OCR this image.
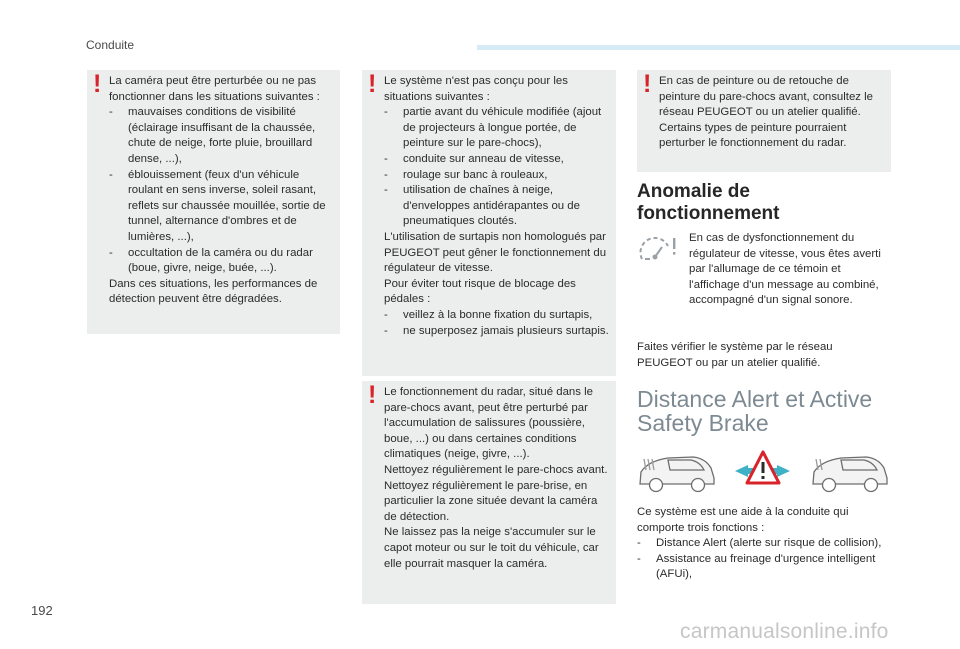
Conduite
! La caméra peut être perturbée ou ne pas fonctionner dans les situations suivantes :

- mauvaises conditions de visibilité (éclairage insuffisant de la chaussée, chute de neige, forte pluie, brouillard dense, ...),

- éblouissement (feux d'un véhicule roulant en sens inverse, soleil rasant, reflets sur chaussée mouillée, sortie de tunnel, alternance d'ombres et de lumières, ...),

- occultation de la caméra ou du radar (boue, givre, neige, buée, ...).

Dans ces situations, les performances de détection peuvent être dégradées.

! Le système n'est pas conçu pour les situations suivantes :

- partie avant du véhicule modifiée (ajout de projecteurs à longue portée, de peinture sur le pare-chocs),

- conduite sur anneau de vitesse,

- roulage sur banc à rouleaux,

- utilisation de chaînes à neige, d'enveloppes antidérapantes ou de pneumatiques cloutés.

L'utilisation de surtapis non homologués par PEUGEOT peut gêner le fonctionnement du régulateur de vitesse.

Pour éviter tout risque de blocage des pédales :

- veillez à la bonne fixation du surtapis,

- ne superposez jamais plusieurs surtapis.

! Le fonctionnement du radar, situé dans le pare-chocs avant, peut être perturbé par l'accumulation de salissures (poussière, boue, ...) ou dans certaines conditions climatiques (neige, givre, ...).

Nettoyez régulièrement le pare-chocs avant.

Nettoyez régulièrement le pare-brise, en particulier la zone située devant la caméra de détection.

Ne laissez pas la neige s'accumuler sur le capot moteur ou sur le toit du véhicule, car elle pourrait masquer la caméra.

! En cas de peinture ou de retouche de peinture du pare-chocs avant, consultez le réseau PEUGEOT ou un atelier qualifié. Certains types de peinture pourraient perturber le fonctionnement du radar.

Anomalie de fonctionnement
En cas de dysfonctionnement du régulateur de vitesse, vous êtes averti par l'allumage de ce témoin et l'affichage d'un message au combiné, accompagné d'un signal sonore.
Faites vérifier le système par le réseau PEUGEOT ou par un atelier qualifié.
Distance Alert et Active Safety Brake

Ce système est une aide à la conduite qui comporte trois fonctions :

- Distance Alert (alerte sur risque de collision),

- Assistance au freinage d'urgence intelligent (AFUi),

192
carmanualsonline.info
